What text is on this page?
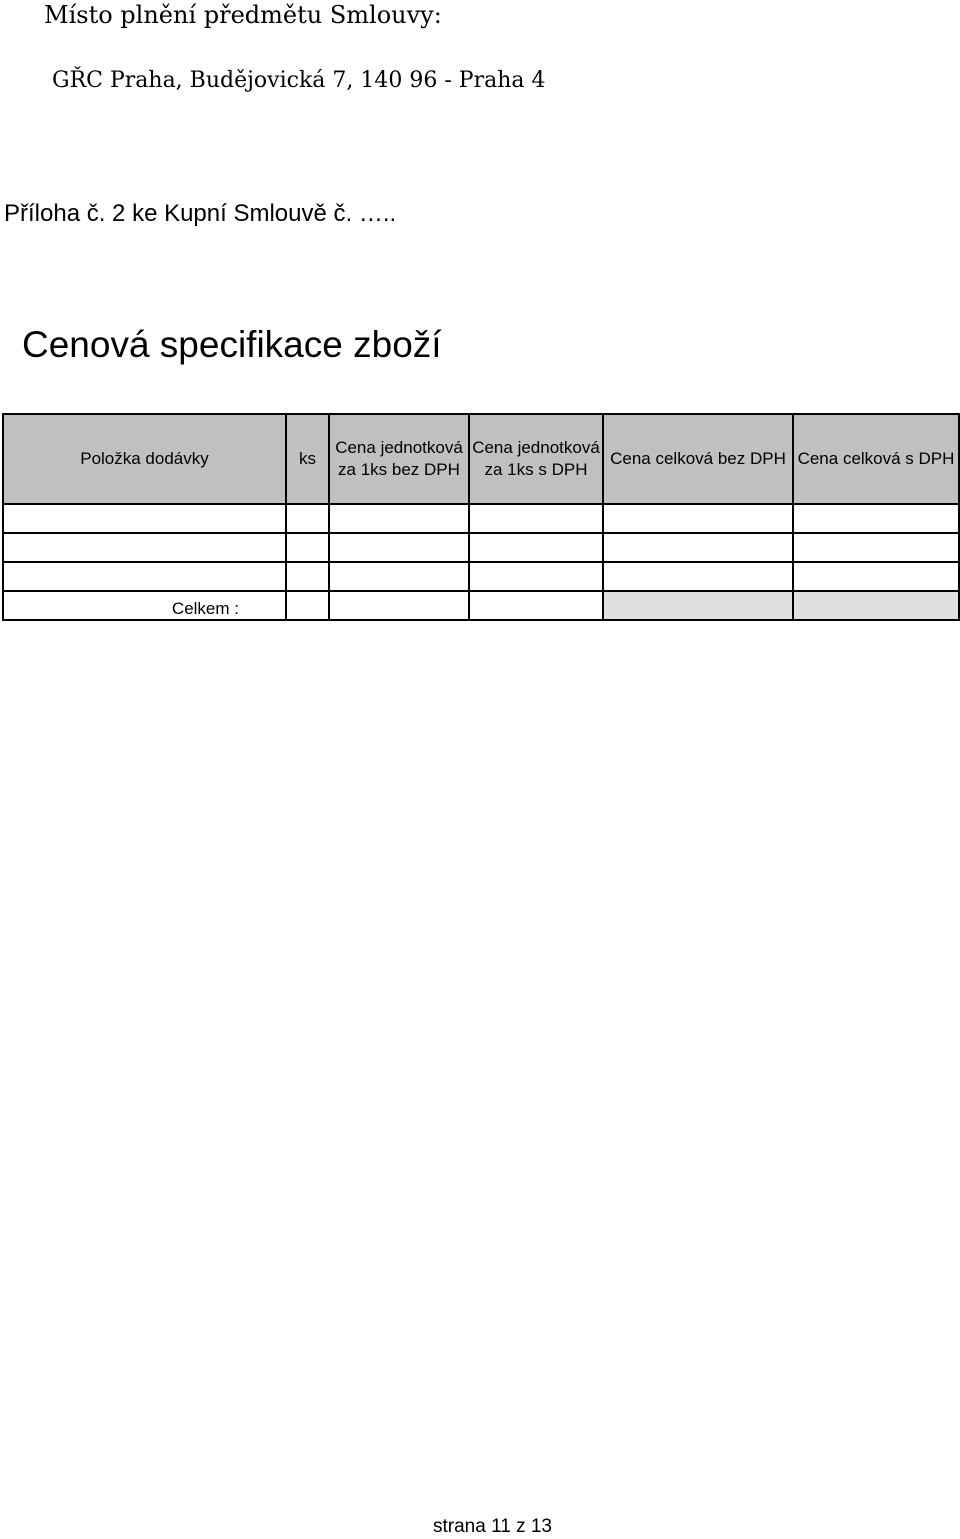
Místo plnění předmětu Smlouvy:
GŘC Praha, Budějovická 7, 140 96 - Praha 4
Příloha č. 2 ke Kupní Smlouvě č. …..
Cenová specifikace zboží
Položka dodávky	ks	Cena jednotková za 1ks bez DPH	Cena jednotková za 1ks s DPH	Cena celková bez DPH	Cena celková s DPH

Celkem :					
strana 11 z 13
